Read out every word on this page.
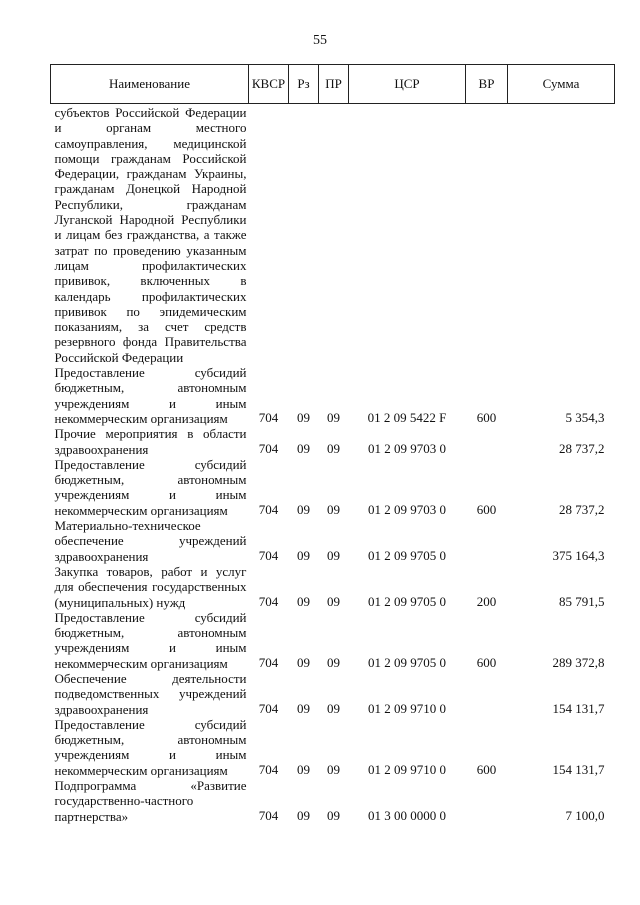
55
Наименование	КВСР	Рз	ПР	ЦСР	ВР	Сумма
субъектов Российской Федерации и органам местного самоуправления, медицинской помощи гражданам Российской Федерации, гражданам Украины, гражданам Донецкой Народной Республики, гражданам Луганской Народной Республики и лицам без гражданства, а также затрат по проведению указанным лицам профилактических прививок, включенных в календарь профилактических прививок по эпидемическим показаниям, за счет средств резервного фонда Правительства Российской Федерации						
Предоставление субсидий бюджетным, автономным учреждениям и иным некоммерческим организациям	704	09	09	01 2 09 5422 F	600	5 354,3
Прочие мероприятия в области здравоохранения	704	09	09	01 2 09 9703 0		28 737,2
Предоставление субсидий бюджетным, автономным учреждениям и иным некоммерческим организациям	704	09	09	01 2 09 9703 0	600	28 737,2
Материально-техническое обеспечение учреждений здравоохранения	704	09	09	01 2 09 9705 0		375 164,3
Закупка товаров, работ и услуг для обеспечения государственных (муниципальных) нужд	704	09	09	01 2 09 9705 0	200	85 791,5
Предоставление субсидий бюджетным, автономным учреждениям и иным некоммерческим организациям	704	09	09	01 2 09 9705 0	600	289 372,8
Обеспечение деятельности подведомственных учреждений здравоохранения	704	09	09	01 2 09 9710 0		154 131,7
Предоставление субсидий бюджетным, автономным учреждениям и иным некоммерческим организациям	704	09	09	01 2 09 9710 0	600	154 131,7
Подпрограмма «Развитие государственно-частного партнерства»	704	09	09	01 3 00 0000 0		7 100,0
